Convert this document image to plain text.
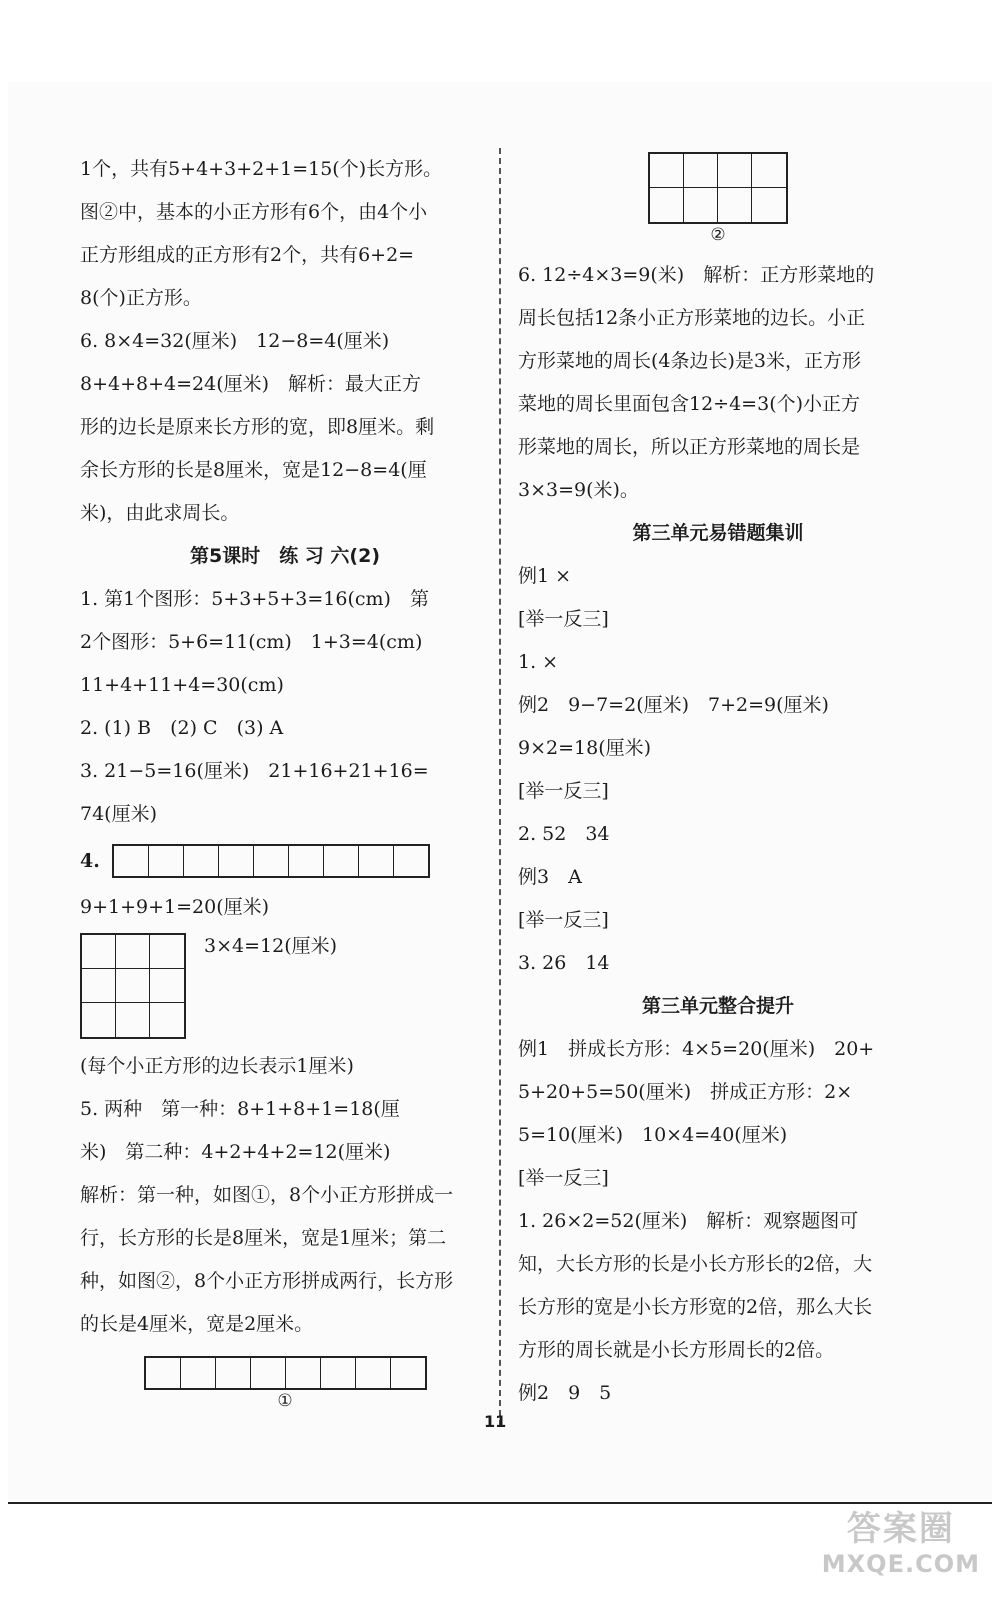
1个，共有5+4+3+2+1=15(个)长方形。
图②中，基本的小正方形有6个，由4个小
正方形组成的正方形有2个，共有6+2=
8(个)正方形。
6. 8×4=32(厘米)　12−8=4(厘米)
8+4+8+4=24(厘米)　解析：最大正方
形的边长是原来长方形的宽，即8厘米。剩
余长方形的长是8厘米，宽是12−8=4(厘
米)，由此求周长。
第5课时　练 习 六(2)
1. 第1个图形：5+3+5+3=16(cm)　第
2个图形：5+6=11(cm)　1+3=4(cm)
11+4+11+4=30(cm)
2. (1) B　(2) C　(3) A
3. 21−5=16(厘米)　21+16+21+16=
74(厘米)
4.
9+1+9+1=20(厘米)
3×4=12(厘米)
(每个小正方形的边长表示1厘米)
5. 两种　第一种：8+1+8+1=18(厘
米)　第二种：4+2+4+2=12(厘米)
解析：第一种，如图①，8个小正方形拼成一
行，长方形的长是8厘米，宽是1厘米；第二
种，如图②，8个小正方形拼成两行，长方形
的长是4厘米，宽是2厘米。
①
②
6. 12÷4×3=9(米)　解析：正方形菜地的
周长包括12条小正方形菜地的边长。小正
方形菜地的周长(4条边长)是3米，正方形
菜地的周长里面包含12÷4=3(个)小正方
形菜地的周长，所以正方形菜地的周长是
3×3=9(米)。
第三单元易错题集训
例1 ×
[举一反三]
1. ×
例2　9−7=2(厘米)　7+2=9(厘米)
9×2=18(厘米)
[举一反三]
2. 52　34
例3　A
[举一反三]
3. 26　14
第三单元整合提升
例1　拼成长方形：4×5=20(厘米)　20+
5+20+5=50(厘米)　拼成正方形：2×
5=10(厘米)　10×4=40(厘米)
[举一反三]
1. 26×2=52(厘米)　解析：观察题图可
知，大长方形的长是小长方形长的2倍，大
长方形的宽是小长方形宽的2倍，那么大长
方形的周长就是小长方形周长的2倍。
例2　9　5
11
答案圈
MXQE.COM
